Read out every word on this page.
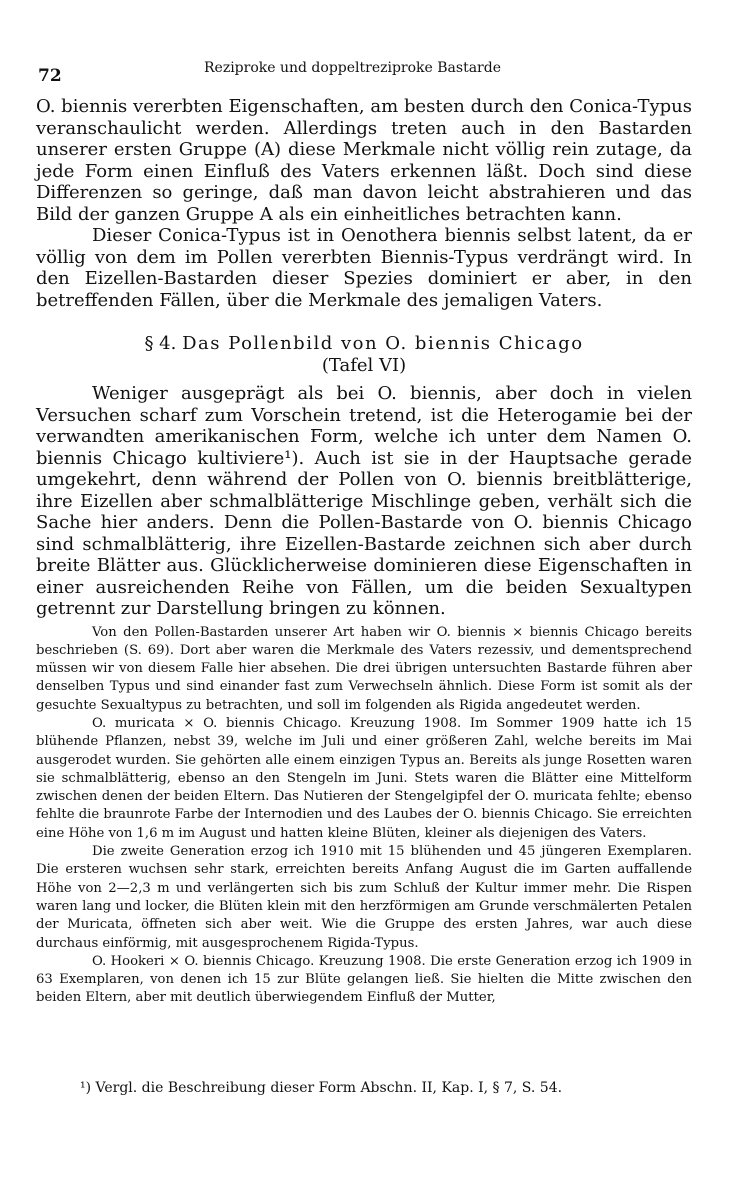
72	Reziproke und doppeltreziproke Bastarde

O. biennis vererbten Eigenschaften, am besten durch den Conica-Typus veranschaulicht werden. Allerdings treten auch in den Bastarden unserer ersten Gruppe (A) diese Merkmale nicht völlig rein zutage, da jede Form einen Einfluß des Vaters erkennen läßt. Doch sind diese Differenzen so geringe, daß man davon leicht abstrahieren und das Bild der ganzen Gruppe A als ein einheitliches betrachten kann.

Dieser Conica-Typus ist in Oenothera biennis selbst latent, da er völlig von dem im Pollen vererbten Biennis-Typus verdrängt wird. In den Eizellen-Bastarden dieser Spezies dominiert er aber, in den betreffenden Fällen, über die Merkmale des jemaligen Vaters.

§ 4. Das Pollenbild von O. biennis Chicago
(Tafel VI)

Weniger ausgeprägt als bei O. biennis, aber doch in vielen Versuchen scharf zum Vorschein tretend, ist die Heterogamie bei der verwandten amerikanischen Form, welche ich unter dem Namen O. biennis Chicago kultiviere¹). Auch ist sie in der Hauptsache gerade umgekehrt, denn während der Pollen von O. biennis breitblätterige, ihre Eizellen aber schmalblätterige Mischlinge geben, verhält sich die Sache hier anders. Denn die Pollen-Bastarde von O. biennis Chicago sind schmalblätterig, ihre Eizellen-Bastarde zeichnen sich aber durch breite Blätter aus. Glücklicherweise dominieren diese Eigenschaften in einer ausreichenden Reihe von Fällen, um die beiden Sexualtypen getrennt zur Darstellung bringen zu können.

Von den Pollen-Bastarden unserer Art haben wir O. biennis × biennis Chicago bereits beschrieben (S. 69). Dort aber waren die Merkmale des Vaters rezessiv, und dementsprechend müssen wir von diesem Falle hier absehen. Die drei übrigen untersuchten Bastarde führen aber denselben Typus und sind einander fast zum Verwechseln ähnlich. Diese Form ist somit als der gesuchte Sexualtypus zu betrachten, und soll im folgenden als Rigida angedeutet werden.

O. muricata × O. biennis Chicago. Kreuzung 1908. Im Sommer 1909 hatte ich 15 blühende Pflanzen, nebst 39, welche im Juli und einer größeren Zahl, welche bereits im Mai ausgerodet wurden. Sie gehörten alle einem einzigen Typus an. Bereits als junge Rosetten waren sie schmalblätterig, ebenso an den Stengeln im Juni. Stets waren die Blätter eine Mittelform zwischen denen der beiden Eltern. Das Nutieren der Stengelgipfel der O. muricata fehlte; ebenso fehlte die braunrote Farbe der Internodien und des Laubes der O. biennis Chicago. Sie erreichten eine Höhe von 1,6 m im August und hatten kleine Blüten, kleiner als diejenigen des Vaters.

Die zweite Generation erzog ich 1910 mit 15 blühenden und 45 jüngeren Exemplaren. Die ersteren wuchsen sehr stark, erreichten bereits Anfang August die im Garten auffallende Höhe von 2—2,3 m und verlängerten sich bis zum Schluß der Kultur immer mehr. Die Rispen waren lang und locker, die Blüten klein mit den herzförmigen am Grunde verschmälerten Petalen der Muricata, öffneten sich aber weit. Wie die Gruppe des ersten Jahres, war auch diese durchaus einförmig, mit ausgesprochenem Rigida-Typus.

O. Hookeri × O. biennis Chicago. Kreuzung 1908. Die erste Generation erzog ich 1909 in 63 Exemplaren, von denen ich 15 zur Blüte gelangen ließ. Sie hielten die Mitte zwischen den beiden Eltern, aber mit deutlich überwiegendem Einfluß der Mutter,

¹) Vergl. die Beschreibung dieser Form Abschn. II, Kap. I, § 7, S. 54.
